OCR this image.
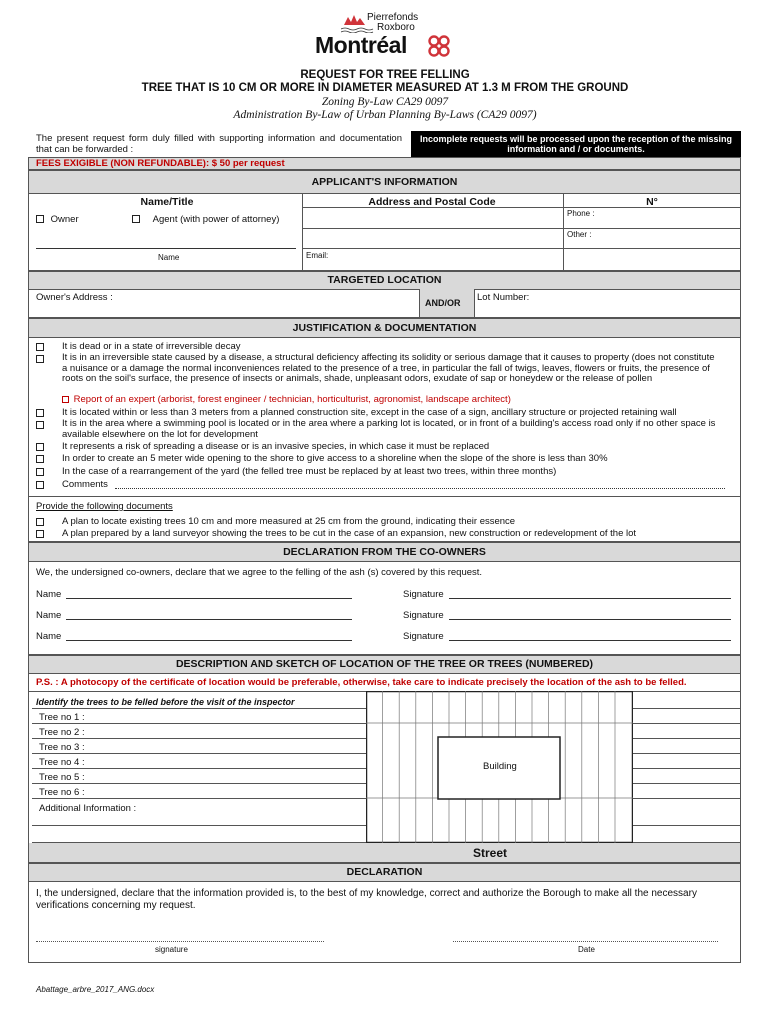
Pierrefonds
Roxboro
Montréal
REQUEST FOR TREE FELLING
TREE THAT IS 10 CM OR MORE IN DIAMETER MEASURED AT 1.3 M FROM THE GROUND
Zoning By-Law CA29 0097
Administration By-Law of Urban Planning By-Laws (CA29 0097)
The present request form duly filled with supporting information and documentation that can be forwarded :
Incomplete requests will be processed upon the reception of the missing information and / or documents.
FEES EXIGIBLE (NON REFUNDABLE): $ 50 per request
APPLICANT'S INFORMATION
Name/Title	Address and Postal Code	N°
Owner	Agent (with power of attorney)
Name
Phone :
Other :
Email:
TARGETED LOCATION
Owner's Address :	AND/OR Lot Number:
JUSTIFICATION & DOCUMENTATION
It is dead or in a state of irreversible decay
It is in an irreversible state caused by a disease, a structural deficiency affecting its solidity or serious damage that it causes to property (does not constitute a nuisance or a damage the normal inconveniences related to the presence of a tree, in particular the fall of twigs, leaves, flowers or fruits, the presence of roots on the soil's surface, the presence of insects or animals, shade, unpleasant odors, exudate of sap or honeydew or the release of pollen
Report of an expert (arborist, forest engineer / technician, horticulturist, agronomist, landscape architect)
It is located within or less than 3 meters from a planned construction site, except in the case of a sign, ancillary structure or projected retaining wall
It is in the area where a swimming pool is located or in the area where a parking lot is located, or in front of a building's access road only if no other space is available elsewhere on the lot for development
It represents a risk of spreading a disease or is an invasive species, in which case it must be replaced
In order to create an 5 meter wide opening to the shore to give access to a shoreline when the slope of the shore is less than 30%
In the case of a rearrangement of the yard (the felled tree must be replaced by at least two trees, within three months)
Comments
Provide the following documents
A plan to locate existing trees 10 cm and more measured at 25 cm from the ground, indicating their essence
A plan prepared by a land surveyor showing the trees to be cut in the case of an expansion, new construction or redevelopment of the lot
DECLARATION FROM THE CO-OWNERS
We, the undersigned co-owners, declare that we agree to the felling of the ash (s) covered by this request.
Name	Signature
Name	Signature
Name	Signature
DESCRIPTION AND SKETCH OF LOCATION OF THE TREE OR TREES (NUMBERED)
P.S. : A photocopy of the certificate of location would be preferable, otherwise, take care to indicate precisely the location of the ash to be felled.
Identify the trees to be felled before the visit of the inspector
Tree no 1 :
Tree no 2 :
Tree no 3 :
Tree no 4 :
Tree no 5 :
Tree no 6 :
Additional Information :
Building
Street
DECLARATION
I, the undersigned, declare that the information provided is, to the best of my knowledge, correct and authorize the Borough to make all the necessary verifications concerning my request.
signature	Date
Abattage_arbre_2017_ANG.docx
